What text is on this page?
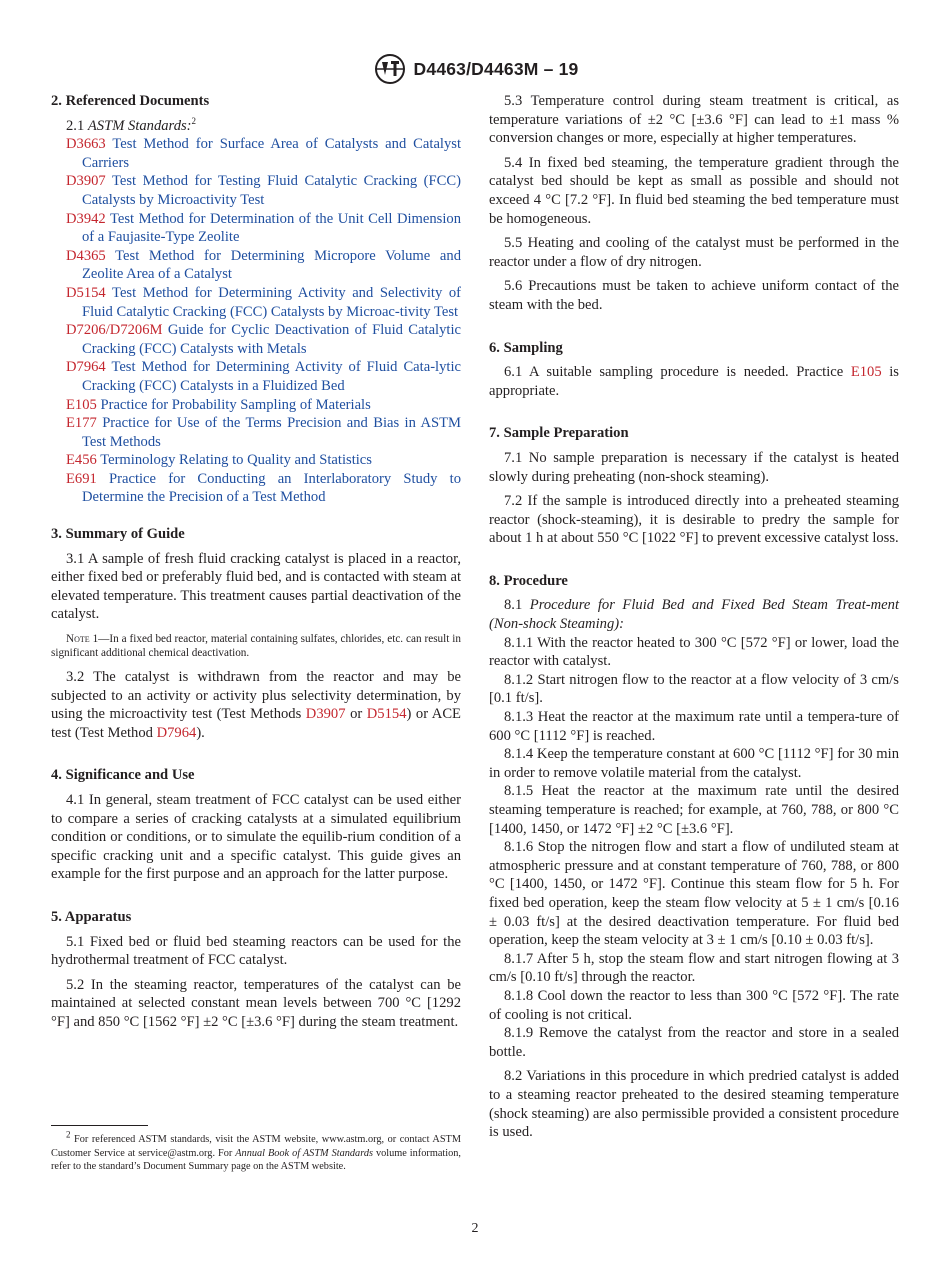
D4463/D4463M – 19
2. Referenced Documents

2.1 ASTM Standards:$^2$

D3663 Test Method for Surface Area of Catalysts and Catalyst Carriers

D3907 Test Method for Testing Fluid Catalytic Cracking (FCC) Catalysts by Microactivity Test

D3942 Test Method for Determination of the Unit Cell Dimension of a Faujasite-Type Zeolite

D4365 Test Method for Determining Micropore Volume and Zeolite Area of a Catalyst

D5154 Test Method for Determining Activity and Selectivity of Fluid Catalytic Cracking (FCC) Catalysts by Microac-tivity Test

D7206/D7206M Guide for Cyclic Deactivation of Fluid Catalytic Cracking (FCC) Catalysts with Metals

D7964 Test Method for Determining Activity of Fluid Cata-lytic Cracking (FCC) Catalysts in a Fluidized Bed

E105 Practice for Probability Sampling of Materials

E177 Practice for Use of the Terms Precision and Bias in ASTM Test Methods

E456 Terminology Relating to Quality and Statistics

E691 Practice for Conducting an Interlaboratory Study to Determine the Precision of a Test Method

3. Summary of Guide

3.1 A sample of fresh fluid cracking catalyst is placed in a reactor, either fixed bed or preferably fluid bed, and is contacted with steam at elevated temperature. This treatment causes partial deactivation of the catalyst.

Note 1—In a fixed bed reactor, material containing sulfates, chlorides, etc. can result in significant additional chemical deactivation.

3.2 The catalyst is withdrawn from the reactor and may be subjected to an activity or activity plus selectivity determination, by using the microactivity test (Test Methods D3907 or D5154) or ACE test (Test Method D7964).

4. Significance and Use

4.1 In general, steam treatment of FCC catalyst can be used either to compare a series of cracking catalysts at a simulated equilibrium condition or conditions, or to simulate the equilib-rium condition of a specific cracking unit and a specific catalyst. This guide gives an example for the first purpose and an approach for the latter purpose.

5. Apparatus

5.1 Fixed bed or fluid bed steaming reactors can be used for the hydrothermal treatment of FCC catalyst.

5.2 In the steaming reactor, temperatures of the catalyst can be maintained at selected constant mean levels between 700 °C [1292 °F] and 850 °C [1562 °F] ±2 °C [±3.6 °F] during the steam treatment.

$^2$ For referenced ASTM standards, visit the ASTM website, www.astm.org, or contact ASTM Customer Service at service@astm.org. For Annual Book of ASTM Standards volume information, refer to the standard’s Document Summary page on the ASTM website.

5.3 Temperature control during steam treatment is critical, as temperature variations of ±2 °C [±3.6 °F] can lead to ±1 mass % conversion changes or more, especially at higher temperatures.

5.4 In fixed bed steaming, the temperature gradient through the catalyst bed should be kept as small as possible and should not exceed 4 °C [7.2 °F]. In fluid bed steaming the bed temperature must be homogeneous.

5.5 Heating and cooling of the catalyst must be performed in the reactor under a flow of dry nitrogen.

5.6 Precautions must be taken to achieve uniform contact of the steam with the bed.

6. Sampling

6.1 A suitable sampling procedure is needed. Practice E105 is appropriate.

7. Sample Preparation

7.1 No sample preparation is necessary if the catalyst is heated slowly during preheating (non-shock steaming).

7.2 If the sample is introduced directly into a preheated steaming reactor (shock-steaming), it is desirable to predry the sample for about 1 h at about 550 °C [1022 °F] to prevent excessive catalyst loss.

8. Procedure

8.1 Procedure for Fluid Bed and Fixed Bed Steam Treat-ment (Non-shock Steaming):

8.1.1 With the reactor heated to 300 °C [572 °F] or lower, load the reactor with catalyst.

8.1.2 Start nitrogen flow to the reactor at a flow velocity of 3 cm/s [0.1 ft/s].

8.1.3 Heat the reactor at the maximum rate until a tempera-ture of 600 °C [1112 °F] is reached.

8.1.4 Keep the temperature constant at 600 °C [1112 °F] for 30 min in order to remove volatile material from the catalyst.

8.1.5 Heat the reactor at the maximum rate until the desired steaming temperature is reached; for example, at 760, 788, or 800 °C [1400, 1450, or 1472 °F] ±2 °C [±3.6 °F].

8.1.6 Stop the nitrogen flow and start a flow of undiluted steam at atmospheric pressure and at constant temperature of 760, 788, or 800 °C [1400, 1450, or 1472 °F]. Continue this steam flow for 5 h. For fixed bed operation, keep the steam flow velocity at 5 ± 1 cm/s [0.16 ± 0.03 ft/s] at the desired deactivation temperature. For fluid bed operation, keep the steam velocity at 3 ± 1 cm/s [0.10 ± 0.03 ft/s].

8.1.7 After 5 h, stop the steam flow and start nitrogen flowing at 3 cm/s [0.10 ft/s] through the reactor.

8.1.8 Cool down the reactor to less than 300 °C [572 °F]. The rate of cooling is not critical.

8.1.9 Remove the catalyst from the reactor and store in a sealed bottle.

8.2 Variations in this procedure in which predried catalyst is added to a steaming reactor preheated to the desired steaming temperature (shock steaming) are also permissible provided a consistent procedure is used.

2
